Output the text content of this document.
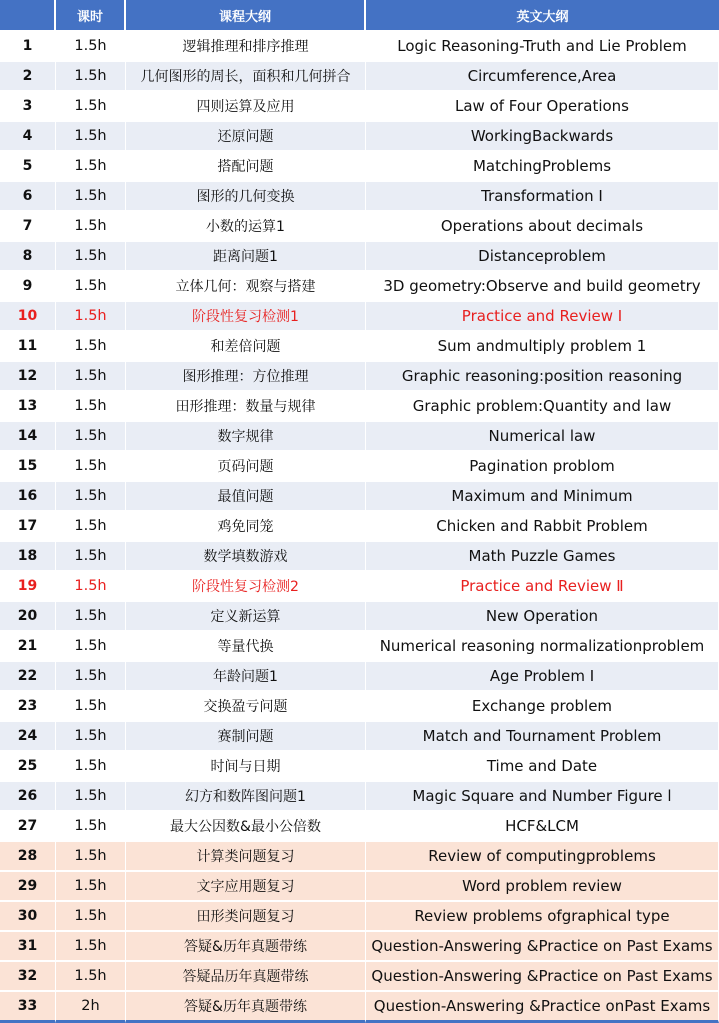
	课时	课程大纲	英文大纲
1	1.5h	逻辑推理和排序推理	Logic Reasoning-Truth and Lie Problem
2	1.5h	几何图形的周长，面积和几何拼合	Circumference,Area
3	1.5h	四则运算及应用	Law of Four Operations
4	1.5h	还原问题	WorkingBackwards
5	1.5h	搭配问题	MatchingProblems
6	1.5h	图形的几何变换	Transformation I
7	1.5h	小数的运算1	Operations about decimals
8	1.5h	距离问题1	Distanceproblem
9	1.5h	立体几何：观察与搭建	3D geometry:Observe and build geometry
10	1.5h	阶段性复习检测1	Practice and Review I
11	1.5h	和差倍问题	Sum andmultiply problem 1
12	1.5h	图形推理：方位推理	Graphic reasoning:position reasoning
13	1.5h	田形推理：数量与规律	Graphic problem:Quantity and law
14	1.5h	数字规律	Numerical law
15	1.5h	页码问题	Pagination problom
16	1.5h	最值问题	Maximum and Minimum
17	1.5h	鸡免同笼	Chicken and Rabbit Problem
18	1.5h	数学填数游戏	Math Puzzle Games
19	1.5h	阶段性复习检测2	Practice and Review Ⅱ
20	1.5h	定义新运算	New Operation
21	1.5h	等量代换	Numerical reasoning normalizationproblem
22	1.5h	年龄问题1	Age Problem I
23	1.5h	交换盈亏问题	Exchange problem
24	1.5h	赛制问题	Match and Tournament Problem
25	1.5h	时间与日期	Time and Date
26	1.5h	幻方和数阵图问题1	Magic Square and Number Figure l
27	1.5h	最大公因数&最小公倍数	HCF&LCM
28	1.5h	计算类问题复习	Review of computingproblems
29	1.5h	文字应用题复习	Word problem review
30	1.5h	田形类问题复习	Review problems ofgraphical type
31	1.5h	答疑&历年真题带练	Question-Answering &Practice on Past Exams
32	1.5h	答疑品历年真题带练	Question-Answering &Practice on Past Exams
33	2h	答疑&历年真题带练	Question-Answering &Practice onPast Exams
